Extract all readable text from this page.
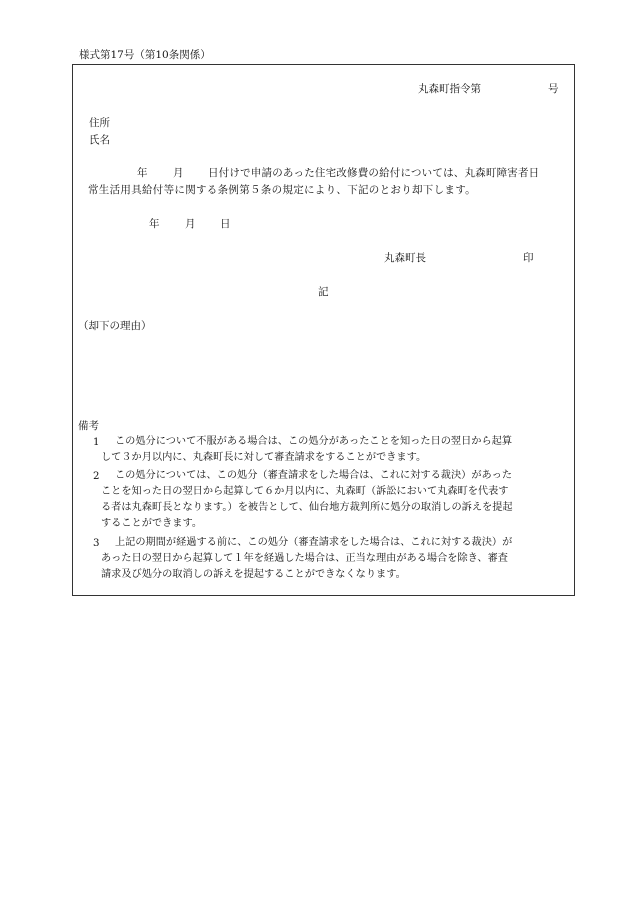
様式第17号（第10条関係）
丸森町指令第	号
住所
氏名
年 月 日付けで申請のあった住宅改修費の給付については、丸森町障害者日
常生活用具給付等に関する条例第５条の規定により、下記のとおり却下します。
年 月 日
丸森町長	印
記
（却下の理由）
備考
1 この処分について不服がある場合は、この処分があったことを知った日の翌日から起算
して３か月以内に、丸森町長に対して審査請求をすることができます。
2 この処分については、この処分（審査請求をした場合は、これに対する裁決）があった
ことを知った日の翌日から起算して６か月以内に、丸森町（訴訟において丸森町を代表す
る者は丸森町長となります。）を被告として、仙台地方裁判所に処分の取消しの訴えを提起
することができます。
3 上記の期間が経過する前に、この処分（審査請求をした場合は、これに対する裁決）が
あった日の翌日から起算して１年を経過した場合は、正当な理由がある場合を除き、審査
請求及び処分の取消しの訴えを提起することができなくなります。
